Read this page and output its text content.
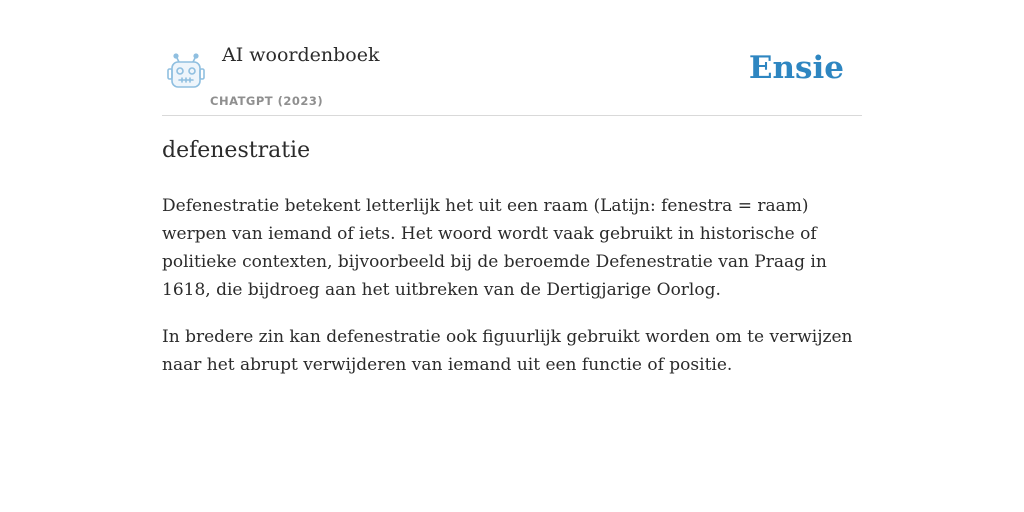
AI woordenboek
CHATGPT (2023)
Ensie
defenestratie

Defenestratie betekent letterlijk het uit een raam (Latijn: fenestra = raam) werpen van iemand of iets. Het woord wordt vaak gebruikt in historische of politieke contexten, bijvoorbeeld bij de beroemde Defenestratie van Praag in 1618, die bijdroeg aan het uitbreken van de Dertigjarige Oorlog.

In bredere zin kan defenestratie ook figuurlijk gebruikt worden om te verwijzen naar het abrupt verwijderen van iemand uit een functie of positie.
